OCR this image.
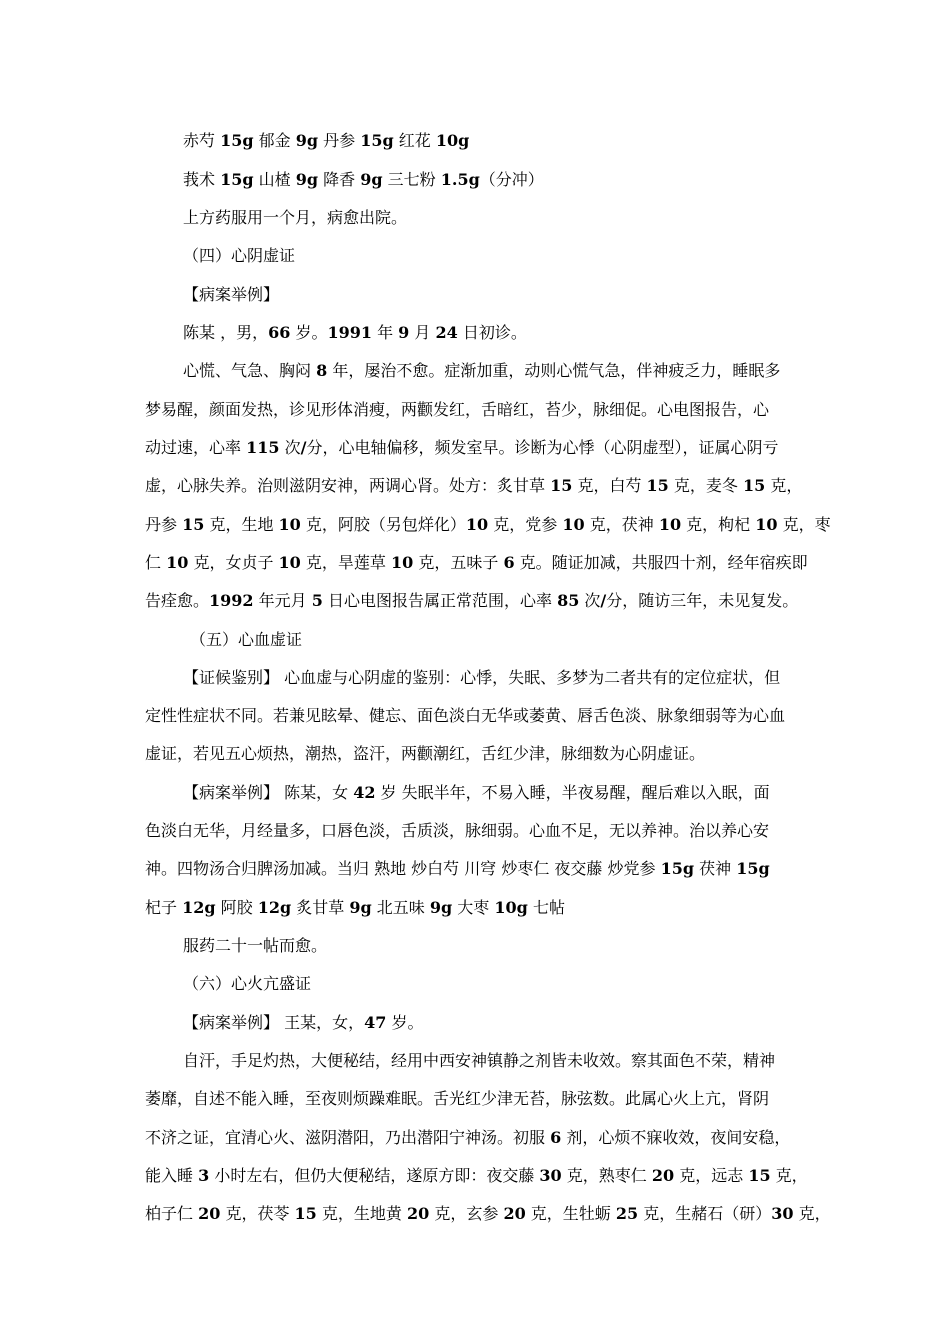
赤芍 15g 郁金 9g 丹参 15g 红花 10g
莪术 15g 山楂 9g 降香 9g 三七粉 1.5g（分冲）
上方药服用一个月，病愈出院。
（四）心阴虚证
【病案举例】
陈某 ，男，66 岁。1991 年 9 月 24 日初诊。
心慌、气急、胸闷 8 年，屡治不愈。症渐加重，动则心慌气急，伴神疲乏力，睡眠多
梦易醒，颜面发热，诊见形体消瘦，两颧发红，舌暗红，苔少，脉细促。心电图报告，心
动过速，心率 115 次/分，心电轴偏移，频发室早。诊断为心悸（心阴虚型），证属心阴亏
虚，心脉失养。治则滋阴安神，两调心肾。处方：炙甘草 15 克，白芍 15 克，麦冬 15 克，
丹参 15 克，生地 10 克，阿胶（另包烊化）10 克，党参 10 克，茯神 10 克，枸杞 10 克，枣
仁 10 克，女贞子 10 克，旱莲草 10 克，五味子 6 克。随证加减，共服四十剂，经年宿疾即
告痊愈。1992 年元月 5 日心电图报告属正常范围，心率 85 次/分，随访三年，未见复发。
（五）心血虚证
【证候鉴别】 心血虚与心阴虚的鉴别：心悸，失眠、多梦为二者共有的定位症状，但
定性性症状不同。若兼见眩晕、健忘、面色淡白无华或萎黄、唇舌色淡、脉象细弱等为心血
虚证，若见五心烦热，潮热，盗汗，两颧潮红，舌红少津，脉细数为心阴虚证。
【病案举例】 陈某，女 42 岁 失眠半年，不易入睡，半夜易醒，醒后难以入眠，面
色淡白无华，月经量多，口唇色淡，舌质淡，脉细弱。心血不足，无以养神。治以养心安
神。四物汤合归脾汤加减。当归 熟地 炒白芍 川穹 炒枣仁 夜交藤 炒党参 15g 茯神 15g
杞子 12g 阿胶 12g 炙甘草 9g 北五味 9g 大枣 10g 七帖
服药二十一帖而愈。
（六）心火亢盛证
【病案举例】 王某，女，47 岁。
自汗，手足灼热，大便秘结，经用中西安神镇静之剂皆未收效。察其面色不荣，精神
萎靡，自述不能入睡，至夜则烦躁难眠。舌光红少津无苔，脉弦数。此属心火上亢，肾阴
不济之证，宜清心火、滋阴潜阳，乃出潜阳宁神汤。初服 6 剂，心烦不寐收效，夜间安稳，
能入睡 3 小时左右，但仍大便秘结，遂原方即：夜交藤 30 克，熟枣仁 20 克，远志 15 克，
柏子仁 20 克，茯苓 15 克，生地黄 20 克，玄参 20 克，生牡蛎 25 克，生赭石（研）30 克，
